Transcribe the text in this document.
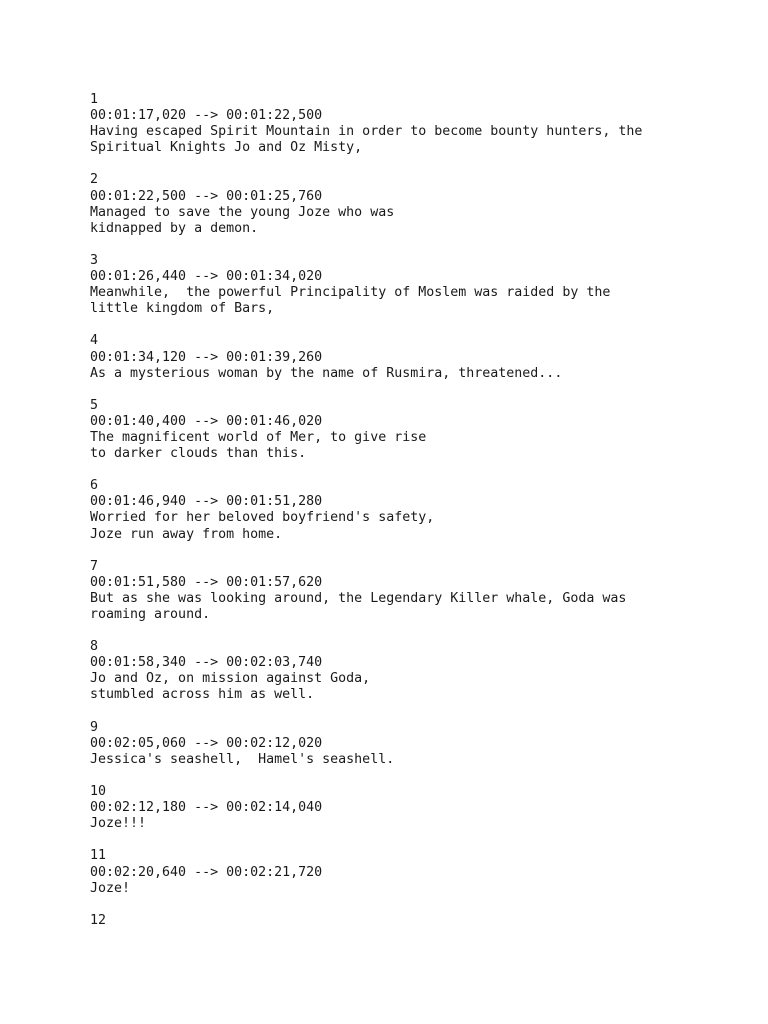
1
00:01:17,020 --> 00:01:22,500
Having escaped Spirit Mountain in order to become bounty hunters, the
Spiritual Knights Jo and Oz Misty,
2
00:01:22,500 --> 00:01:25,760
Managed to save the young Joze who was
kidnapped by a demon.
3
00:01:26,440 --> 00:01:34,020
Meanwhile,  the powerful Principality of Moslem was raided by the
little kingdom of Bars,
4
00:01:34,120 --> 00:01:39,260
As a mysterious woman by the name of Rusmira, threatened...
5
00:01:40,400 --> 00:01:46,020
The magnificent world of Mer, to give rise
to darker clouds than this.
6
00:01:46,940 --> 00:01:51,280
Worried for her beloved boyfriend's safety,
Joze run away from home.
7
00:01:51,580 --> 00:01:57,620
But as she was looking around, the Legendary Killer whale, Goda was
roaming around.
8
00:01:58,340 --> 00:02:03,740
Jo and Oz, on mission against Goda,
stumbled across him as well.
9
00:02:05,060 --> 00:02:12,020
Jessica's seashell,  Hamel's seashell.
10
00:02:12,180 --> 00:02:14,040
Joze!!!
11
00:02:20,640 --> 00:02:21,720
Joze!
12
